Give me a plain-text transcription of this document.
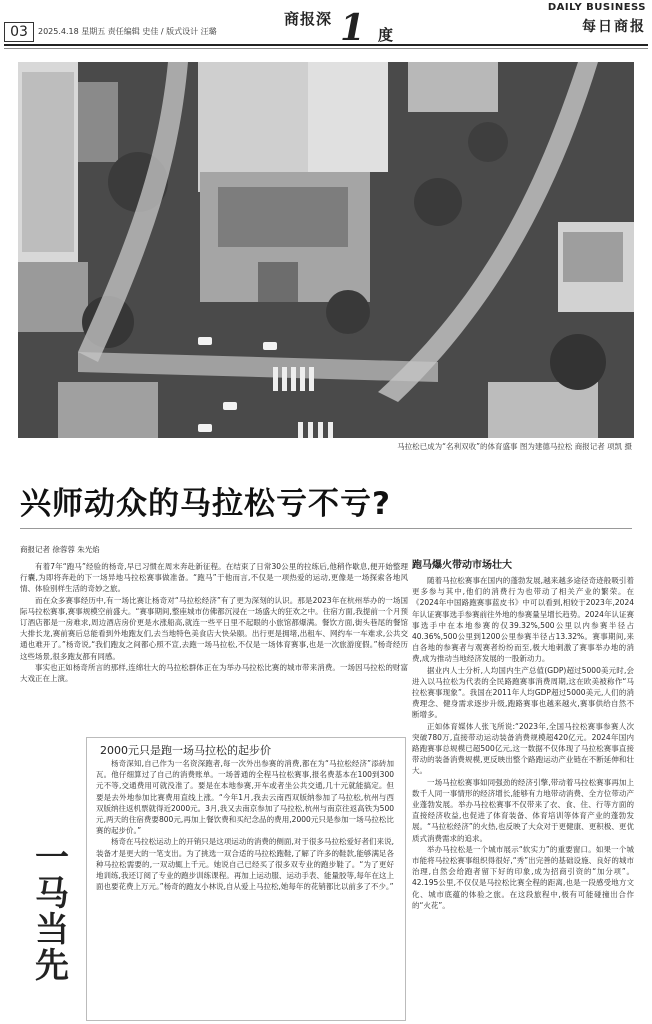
03	2025.4.18 星期五 责任编辑 史佳 / 版式设计 汪璐
商报深 1 度
DAILY BUSINESS
每日商报
马拉松已成为“名利双收”的体育盛事 图为建德马拉松 商报记者 项凯 摄
兴师动众的马拉松亏不亏?
商报记者 徐蓉蓉 朱光焰

有着7年“跑马”经验的杨奇,早已习惯在周末奔赴新征程。在结束了日常30公里的拉练后,他稍作歇息,便开始整理行囊,为即将奔赴的下一场异地马拉松赛事做准备。“跑马”于他而言,不仅是一项热爱的运动,更像是一场探索各地风情、体验别样生活的奇妙之旅。

而在众多赛事经历中,有一场比赛让杨奇对“马拉松经济”有了更为深刻的认识。那是2023年在杭州举办的一场国际马拉松赛事,赛事规模空前盛大。“赛事期间,整座城市仿佛都沉浸在一场盛大的狂欢之中。住宿方面,我提前一个月预订酒店都是一房难求,周边酒店房价更是水涨船高,就连一些平日里不起眼的小旅馆都爆满。餐饮方面,街头巷尾的餐馆大排长龙,赛前赛后总能看到外地跑友们,去当地特色美食店大快朵颐。出行更是拥堵,出租车、网约车一车难求,公共交通也难开了。”杨奇说,“我们跑友之间都心照不宣,去跑一场马拉松,不仅是一场体育赛事,也是一次旅游度假。”杨奇经历这些场景,很多跑友都有同感。

事实也正如杨奇所言的那样,连绵壮大的马拉松群体正在为举办马拉松比赛的城市带来消费。一场因马拉松的财富大戏正在上演。

2000元只是跑一场马拉松的起步价

杨奇深知,自己作为一名资深跑者,每一次外出参赛的消费,都在为“马拉松经济”添砖加瓦。他仔细算过了自己的消费账单。一场普通的全程马拉松赛事,报名费基本在100到300元不等,交通费用可就没准了。要是在本地参赛,开车或者坐公共交通,几十元就能搞定。但要是去外地参加比赛费用直线上涨。“今年1月,我去云南西双版纳参加了马拉松,杭州与西双版纳往返机票就得近2000元。3月,我又去南京参加了马拉松,杭州与南京往返高铁为500元,两天的住宿费要800元,再加上餐饮费和买纪念品的费用,2000元只是参加一场马拉松比赛的起步价。”

杨奇在马拉松运动上的开销只是这项运动的消费的侧面,对于很多马拉松爱好者们来说,装备才是更大的一笔支出。为了挑选一双合适的马拉松跑鞋,了解了许多的鞋款,能够满足各种马拉松需要的,一双动辄上千元。她说自己已经买了很多双专业的跑步鞋了。“为了更好地训练,我还订阅了专业的跑步训练课程。再加上运动服、运动手表、能量胶等,每年在这上面也要花费上万元。”杨奇的跑友小林说,自从爱上马拉松,她每年的花销都比以前多了不少。”

一马当先
跑马爆火带动市场壮大

随着马拉松赛事在国内的蓬勃发展,越来越多途径奇迹般吸引着更多参与其中,他们的消费行为也带动了相关产业的繁荣。在《2024年中国路跑赛事蓝皮书》中可以看到,相较于2023年,2024年认证赛事选手参赛前往外地的参赛量呈增长趋势。2024年认证赛事选手中在本地参赛的仅39.32%,500公里以内参赛半径占40.36%,500公里到1200公里参赛半径占13.32%。赛事期间,来自各地的参赛者与观赛者纷纷而至,极大地刺激了赛事举办地的消费,成为推动当地经济发展的一股新动力。

据业内人士分析,人均国内生产总值(GDP)超过5000美元时,会进入以马拉松为代表的全民路跑赛事消费周期,这在欧美被称作“马拉松赛事现象”。我国在2011年人均GDP超过5000美元,人们的消费理念、健身需求逐步升级,跑路赛事也越来越火,赛事供给自然不断增多。

正如体育媒体人张飞所说:“2023年,全国马拉松赛事参赛人次突破780万,直接带动运动装备消费规模超420亿元。2024年国内路跑赛事总规模已超500亿元,这一数据不仅体现了马拉松赛事直接带动的装备消费规模,更反映出整个路跑运动产业链在不断延伸和壮大。

一场马拉松赛事如同强劲的经济引擎,带动着马拉松赛事再加上数千人同一事情形的经济增长,能够有力地带动消费、全方位带动产业蓬勃发展。举办马拉松赛事不仅带来了衣、食、住、行等方面的直接经济收益,也促进了体育装备、体育培训等体育产业的蓬勃发展。“马拉松经济”的火热,也反映了大众对于更健康、更积极、更优质式消费需求的追求。

举办马拉松是一个城市展示“软实力”的重要窗口。如果一个城市能将马拉松赛事组织得很好,“秀”出完善的基础设施、良好的城市治理,自然会给跑者留下好的印象,成为招商引资的“加分项”。42.195公里,不仅仅是马拉松比赛全程的距离,也是一段感受地方文化、城市底蕴的体验之旅。在这段旅程中,极有可能碰撞出合作的“火花”。
